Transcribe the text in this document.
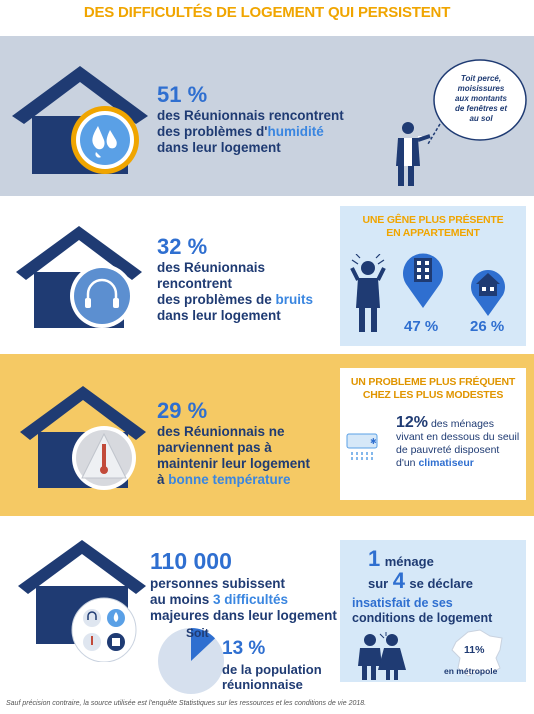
DES DIFFICULTÉS DE LOGEMENT QUI PERSISTENT
51 %
des Réunionnais rencontrent
des problèmes d'humidité
dans leur logement
Toit percé,
moisissures
aux montants
de fenêtres et
au sol
32 %
des Réunionnais
rencontrent
des problèmes de bruits
dans leur logement
UNE GÊNE PLUS PRÉSENTE
EN APPARTEMENT
47 % 26 %
29 %
des Réunionnais ne
parviennent pas à
maintenir leur logement
à bonne température
UN PROBLEME PLUS FRÉQUENT
CHEZ LES PLUS MODESTES
✱
12% des ménages
vivant en dessous du seuil
de pauvreté disposent
d'un climatiseur
110 000
personnes subissent
au moins 3 difficultés
majeures dans leur logement
Soit
13 %
de la population
réunionnaise
1 ménage
sur 4 se déclare
insatisfait de ses
conditions de logement
11%
en métropole
Sauf précision contraire, la source utilisée est l'enquête Statistiques sur les ressources et les conditions de vie 2018.
